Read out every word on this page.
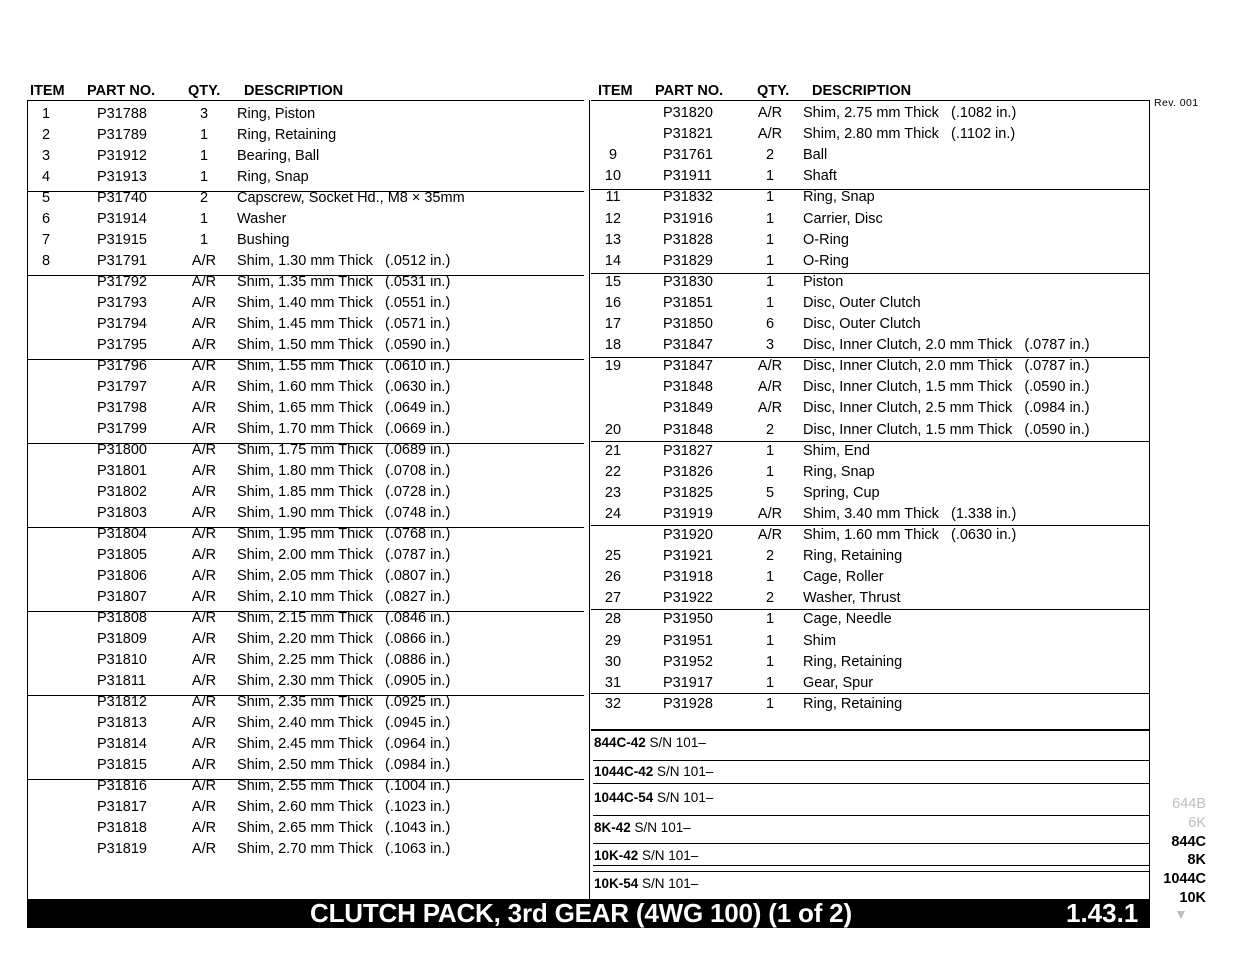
ITEM PART NO. QTY. DESCRIPTION	ITEM PART NO. QTY. DESCRIPTION
Rev. 001
844C-42 S/N 101–
1044C-42 S/N 101–
1044C-54 S/N 101–
8K-42 S/N 101–
10K-42 S/N 101–
10K-54 S/N 101–
1	P31788	3	Ring, Piston
2	P31789	1	Ring, Retaining
3	P31912	1	Bearing, Ball
4	P31913	1	Ring, Snap
5	P31740	2	Capscrew, Socket Hd., M8 × 35mm
6	P31914	1	Washer
7	P31915	1	Bushing
8	P31791	A/R	Shim, 1.30 mm Thick   (.0512 in.)
P31792	A/R	Shim, 1.35 mm Thick   (.0531 in.)
P31793	A/R	Shim, 1.40 mm Thick   (.0551 in.)
P31794	A/R	Shim, 1.45 mm Thick   (.0571 in.)
P31795	A/R	Shim, 1.50 mm Thick   (.0590 in.)
P31796	A/R	Shim, 1.55 mm Thick   (.0610 in.)
P31797	A/R	Shim, 1.60 mm Thick   (.0630 in.)
P31798	A/R	Shim, 1.65 mm Thick   (.0649 in.)
P31799	A/R	Shim, 1.70 mm Thick   (.0669 in.)
P31800	A/R	Shim, 1.75 mm Thick   (.0689 in.)
P31801	A/R	Shim, 1.80 mm Thick   (.0708 in.)
P31802	A/R	Shim, 1.85 mm Thick   (.0728 in.)
P31803	A/R	Shim, 1.90 mm Thick   (.0748 in.)
P31804	A/R	Shim, 1.95 mm Thick   (.0768 in.)
P31805	A/R	Shim, 2.00 mm Thick   (.0787 in.)
P31806	A/R	Shim, 2.05 mm Thick   (.0807 in.)
P31807	A/R	Shim, 2.10 mm Thick   (.0827 in.)
P31808	A/R	Shim, 2.15 mm Thick   (.0846 in.)
P31809	A/R	Shim, 2.20 mm Thick   (.0866 in.)
P31810	A/R	Shim, 2.25 mm Thick   (.0886 in.)
P31811	A/R	Shim, 2.30 mm Thick   (.0905 in.)
P31812	A/R	Shim, 2.35 mm Thick   (.0925 in.)
P31813	A/R	Shim, 2.40 mm Thick   (.0945 in.)
P31814	A/R	Shim, 2.45 mm Thick   (.0964 in.)
P31815	A/R	Shim, 2.50 mm Thick   (.0984 in.)
P31816	A/R	Shim, 2.55 mm Thick   (.1004 in.)
P31817	A/R	Shim, 2.60 mm Thick   (.1023 in.)
P31818	A/R	Shim, 2.65 mm Thick   (.1043 in.)
P31819	A/R	Shim, 2.70 mm Thick   (.1063 in.)
P31820	A/R	Shim, 2.75 mm Thick   (.1082 in.)
P31821	A/R	Shim, 2.80 mm Thick   (.1102 in.)
9	P31761	2	Ball
10	P31911	1	Shaft
11	P31832	1	Ring, Snap
12	P31916	1	Carrier, Disc
13	P31828	1	O-Ring
14	P31829	1	O-Ring
15	P31830	1	Piston
16	P31851	1	Disc, Outer Clutch
17	P31850	6	Disc, Outer Clutch
18	P31847	3	Disc, Inner Clutch, 2.0 mm Thick   (.0787 in.)
19	P31847	A/R	Disc, Inner Clutch, 2.0 mm Thick   (.0787 in.)
P31848	A/R	Disc, Inner Clutch, 1.5 mm Thick   (.0590 in.)
P31849	A/R	Disc, Inner Clutch, 2.5 mm Thick   (.0984 in.)
20	P31848	2	Disc, Inner Clutch, 1.5 mm Thick   (.0590 in.)
21	P31827	1	Shim, End
22	P31826	1	Ring, Snap
23	P31825	5	Spring, Cup
24	P31919	A/R	Shim, 3.40 mm Thick   (1.338 in.)
P31920	A/R	Shim, 1.60 mm Thick   (.0630 in.)
25	P31921	2	Ring, Retaining
26	P31918	1	Cage, Roller
27	P31922	2	Washer, Thrust
28	P31950	1	Cage, Needle
29	P31951	1	Shim
30	P31952	1	Ring, Retaining
31	P31917	1	Gear, Spur
32	P31928	1	Ring, Retaining
CLUTCH PACK, 3rd GEAR (4WG 100) (1 of 2)	1.43.1
644B
6K
844C
8K
1044C
10K
▼
